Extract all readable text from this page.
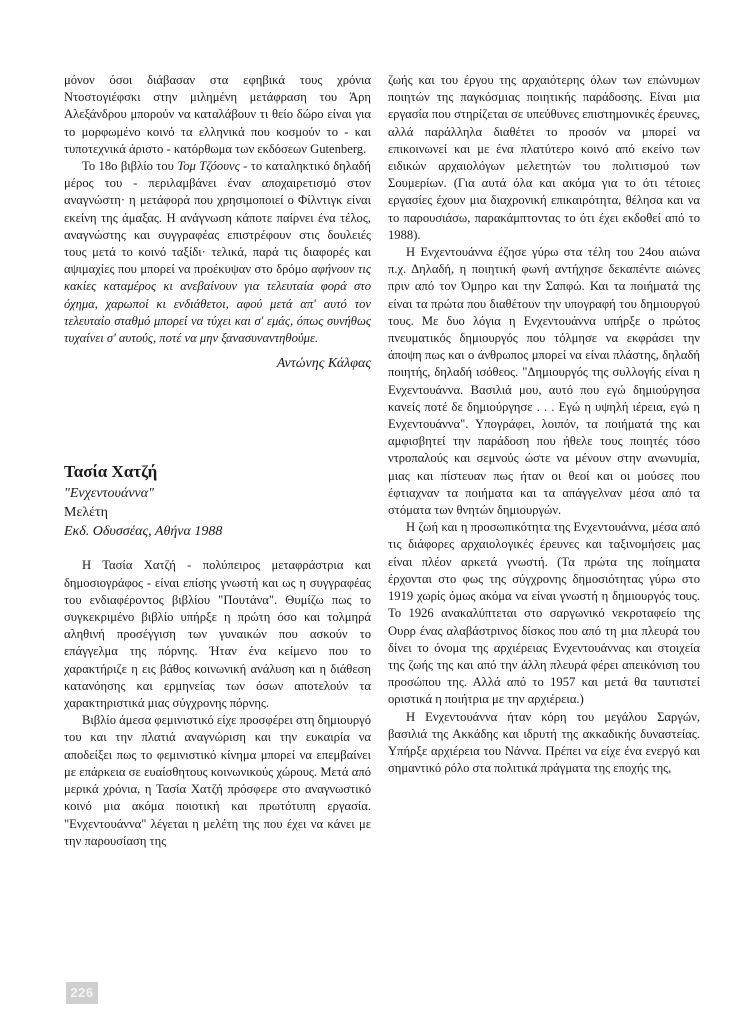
μόνον όσοι διάβασαν στα εφηβικά τους χρόνια Ντοστογιέφσκι στην μιλημένη μετάφραση του Άρη Αλεξάνδρου μπορούν να καταλάβουν τι θείο δώρο είναι για το μορφωμένο κοινό τα ελληνικά που κοσμούν το - και τυποτεχνικά άριστο - κατόρθωμα των εκδόσεων Gutenberg.

Το 18ο βιβλίο του Τομ Τζόουνς - το καταληκτικό δηλαδή μέρος του - περιλαμβάνει έναν αποχαιρετισμό στον αναγνώστη· η μετάφορά που χρησιμοποιεί ο Φίλντιγκ είναι εκείνη της άμαξας. Η ανάγνωση κάποτε παίρνει ένα τέλος, αναγνώστης και συγγραφέας επιστρέφουν στις δουλειές τους μετά το κοινό ταξίδι· τελικά, παρά τις διαφορές και αψιμαχίες που μπορεί να προέκυψαν στο δρόμο αφήνουν τις κακίες καταμέρος κι ανεβαίνουν για τελευταία φορά στο όχημα, χαρωποί κι ενδιάθετοι, αφού μετά απ' αυτό τον τελευταίο σταθμό μπορεί να τύχει και σ' εμάς, όπως συνήθως τυχαίνει σ' αυτούς, ποτέ να μην ξανασυναντηθούμε.

Αντώνης Κάλφας

Τασία Χατζή
"Ενχεντουάννα"
Μελέτη
Εκδ. Οδυσσέας, Αθήνα 1988

Η Τασία Χατζή - πολύπειρος μεταφράστρια και δημοσιογράφος - είναι επίσης γνωστή και ως η συγγραφέας του ενδιαφέροντος βιβλίου "Πουτάνα". Θυμίζω πως το συγκεκριμένο βιβλίο υπήρξε η πρώτη όσο και τολμηρά αληθινή προσέγγιση των γυναικών που ασκούν το επάγγελμα της πόρνης. Ήταν ένα κείμενο που το χαρακτήριζε η εις βάθος κοινωνική ανάλυση και η διάθεση κατανόησης και ερμηνείας των όσων αποτελούν τα χαρακτηριστικά μιας σύγχρονης πόρνης.

Βιβλίο άμεσα φεμινιστικό είχε προσφέρει στη δημιουργό του και την πλατιά αναγνώριση και την ευκαιρία να αποδείξει πως το φεμινιστικό κίνημα μπορεί να επεμβαίνει με επάρκεια σε ευαίσθητους κοινωνικούς χώρους. Μετά από μερικά χρόνια, η Τασία Χατζή πρόσφερε στο αναγνωστικό κοινό μια ακόμα ποιοτική και πρωτότυπη εργασία. "Ενχεντουάννα" λέγεται η μελέτη της που έχει να κάνει με την παρουσίαση της

ζωής και του έργου της αρχαιότερης όλων των επώνυμων ποιητών της παγκόσμιας ποιητικής παράδοσης. Είναι μια εργασία που στηρίζεται σε υπεύθυνες επιστημονικές έρευνες, αλλά παράλληλα διαθέτει το προσόν να μπορεί να επικοινωνεί και με ένα πλατύτερο κοινό από εκείνο των ειδικών αρχαιολόγων μελετητών του πολιτισμού των Σουμερίων. (Για αυτά όλα και ακόμα για το ότι τέτοιες εργασίες έχουν μια διαχρονική επικαιρότητα, θέλησα και να το παρουσιάσω, παρακάμπτοντας το ότι έχει εκδοθεί από το 1988).

Η Ενχεντουάννα έζησε γύρω στα τέλη του 24ου αιώνα π.χ. Δηλαδή, η ποιητική φωνή αντήχησε δεκαπέντε αιώνες πριν από τον Όμηρο και την Σαπφώ. Και τα ποιήματά της είναι τα πρώτα που διαθέτουν την υπογραφή του δημιουργού τους. Με δυο λόγια η Ενχεντουάννα υπήρξε ο πρώτος πνευματικός δημιουργός που τόλμησε να εκφράσει την άποψη πως και ο άνθρωπος μπορεί να είναι πλάστης, δηλαδή ποιητής, δηλαδή ισόθεος. "Δημιουργός της συλλογής είναι η Ενχεντουάννα. Βασιλιά μου, αυτό που εγώ δημιούργησα κανείς ποτέ δε δημιούργησε . . . Εγώ η υψηλή ιέρεια, εγώ η Ενχεντουάννα". Υπογράφει, λοιπόν, τα ποιήματά της και αμφισβητεί την παράδοση που ήθελε τους ποιητές τόσο ντροπαλούς και σεμνούς ώστε να μένουν στην ανωνυμία, μιας και πίστευαν πως ήταν οι θεοί και οι μούσες που έφτιαχναν τα ποιήματα και τα απάγγελναν μέσα από τα στόματα των θνητών δημιουργών.

Η ζωή και η προσωπικότητα της Ενχεντουάννα, μέσα από τις διάφορες αρχαιολογικές έρευνες και ταξινομήσεις μας είναι πλέον αρκετά γνωστή. (Τα πρώτα της ποίηματα έρχονται στο φως της σύγχρονης δημοσιότητας γύρω στο 1919 χωρίς όμως ακόμα να είναι γνωστή η δημιουργός τους. Το 1926 ανακαλύπτεται στο σαργωνικό νεκροταφείο της Ουρρ ένας αλαβάστρινος δίσκος που από τη μια πλευρά του δίνει το όνομα της αρχιέρειας Ενχεντουάννας και στοιχεία της ζωής της και από την άλλη πλευρά φέρει απεικόνιση του προσώπου της. Αλλά από το 1957 και μετά θα ταυτιστεί οριστικά η ποιήτρια με την αρχιέρεια.)

Η Ενχεντουάννα ήταν κόρη του μεγάλου Σαργών, βασιλιά της Ακκάδης και ιδρυτή της ακκαδικής δυναστείας. Υπήρξε αρχιέρεια του Νάννα. Πρέπει να είχε ένα ενεργό και σημαντικό ρόλο στα πολιτικά πράγματα της εποχής της,

226
